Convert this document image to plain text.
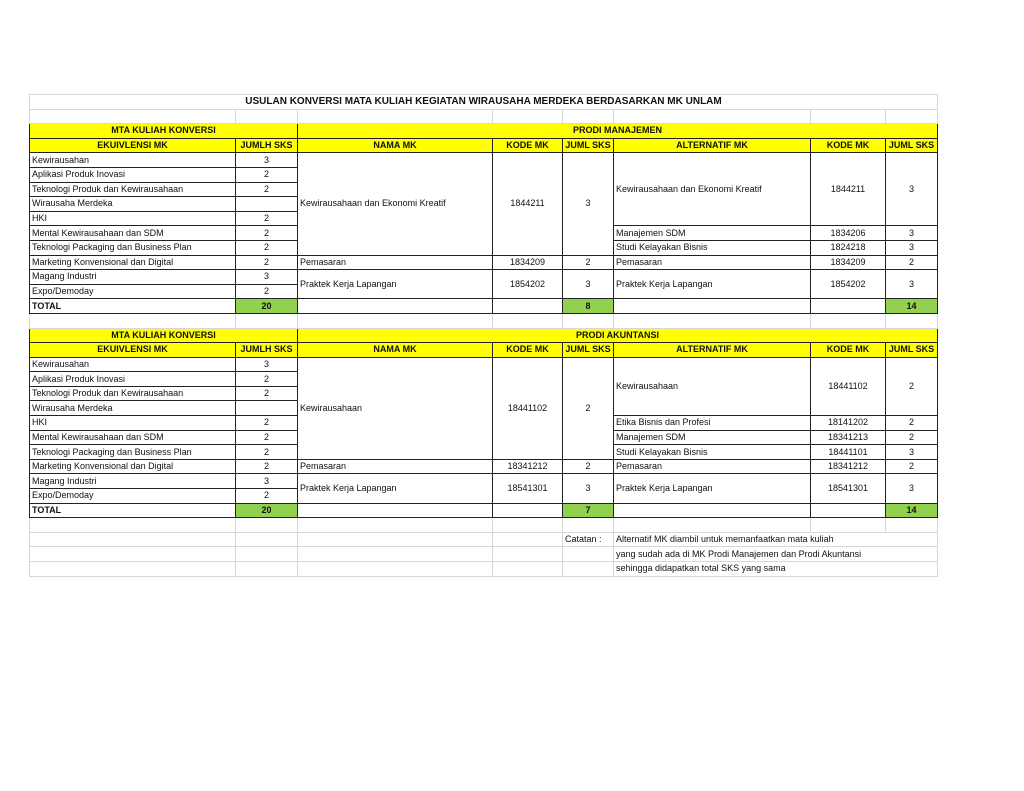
USULAN KONVERSI MATA KULIAH KEGIATAN WIRAUSAHA MERDEKA BERDASARKAN MK UNLAM							

MTA KULIAH KONVERSI		PRODI MANAJEMEN					
EKUIVLENSI MK	JUMLH SKS	NAMA MK	KODE MK	JUML SKS	ALTERNATIF MK	KODE MK	JUML SKS
Kewirausahan	3	Kewirausahaan dan Ekonomi Kreatif	1844211	3	Kewirausahaan dan Ekonomi Kreatif	1844211	3
Aplikasi Produk Inovasi	2						
Teknologi Produk dan Kewirausahaan	2						
Wirausaha Merdeka							
HKI	2						
Mental Kewirausahaan dan SDM	2				Manajemen SDM	1834206	3
Teknologi Packaging dan Business Plan	2				Studi Kelayakan Bisnis	1824218	3
Marketing Konvensional dan Digital	2	Pemasaran	1834209	2	Pemasaran	1834209	2
Magang Industri	3	Praktek Kerja Lapangan	1854202	3	Praktek Kerja Lapangan	1854202	3
Expo/Demoday	2						
TOTAL	20			8			14

MTA KULIAH KONVERSI		PRODI AKUNTANSI					
EKUIVLENSI MK	JUMLH SKS	NAMA MK	KODE MK	JUML SKS	ALTERNATIF MK	KODE MK	JUML SKS
Kewirausahan	3	Kewirausahaan	18441102	2	Kewirausahaan	18441102	2
Aplikasi Produk Inovasi	2						
Teknologi Produk dan Kewirausahaan	2						
Wirausaha Merdeka							
HKI	2				Etika Bisnis dan Profesi	18141202	2
Mental Kewirausahaan dan SDM	2				Manajemen SDM	18341213	2
Teknologi Packaging dan Business Plan	2				Studi Kelayakan Bisnis	18441101	3
Marketing Konvensional dan Digital	2	Pemasaran	18341212	2	Pemasaran	18341212	2
Magang Industri	3	Praktek Kerja Lapangan	18541301	3	Praktek Kerja Lapangan	18541301	3
Expo/Demoday	2						
TOTAL	20			7			14

				Catatan :	Alternatif MK diambil untuk memanfaatkan mata kuliah		
					yang sudah ada di MK Prodi Manajemen dan Prodi Akuntansi		
					sehingga didapatkan total SKS yang sama		
